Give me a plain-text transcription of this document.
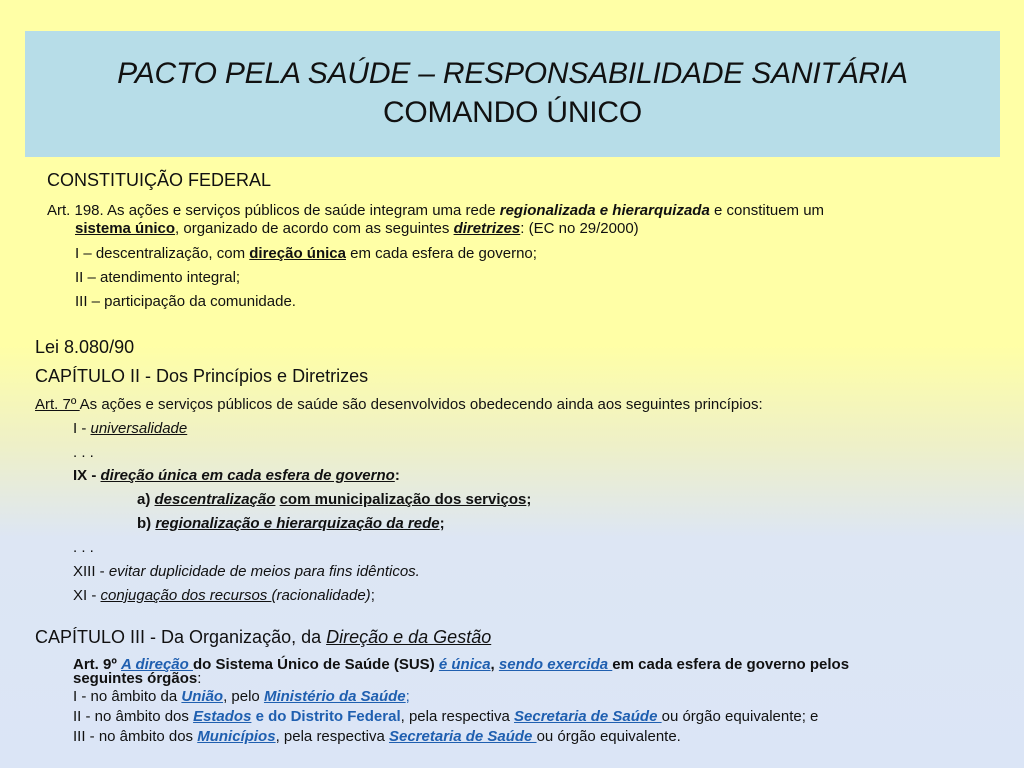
PACTO PELA SAÚDE – RESPONSABILIDADE SANITÁRIA
COMANDO ÚNICO
CONSTITUIÇÃO FEDERAL
Art. 198. As ações e serviços públicos de saúde integram uma rede regionalizada e hierarquizada e constituem um
sistema único, organizado de acordo com as seguintes diretrizes: (EC no 29/2000)
I – descentralização, com direção única em cada esfera de governo;
II – atendimento integral;
III – participação da comunidade.
Lei 8.080/90
CAPÍTULO II - Dos Princípios e Diretrizes
Art. 7º As ações e serviços públicos de saúde são desenvolvidos obedecendo ainda aos seguintes princípios:
I - universalidade
. . .
IX - direção única em cada esfera de governo:
a) descentralização com municipalização dos serviços;
b) regionalização e hierarquização da rede;
. . .
XIII - evitar duplicidade de meios para fins idênticos.
XI - conjugação dos recursos (racionalidade);
CAPÍTULO III - Da Organização, da Direção e da Gestão
Art. 9º A direção do Sistema Único de Saúde (SUS) é única, sendo exercida em cada esfera de governo pelos
seguintes órgãos:
I - no âmbito da União, pelo Ministério da Saúde;
II - no âmbito dos Estados e do Distrito Federal, pela respectiva Secretaria de Saúde ou órgão equivalente; e
III - no âmbito dos Municípios, pela respectiva Secretaria de Saúde ou órgão equivalente.
